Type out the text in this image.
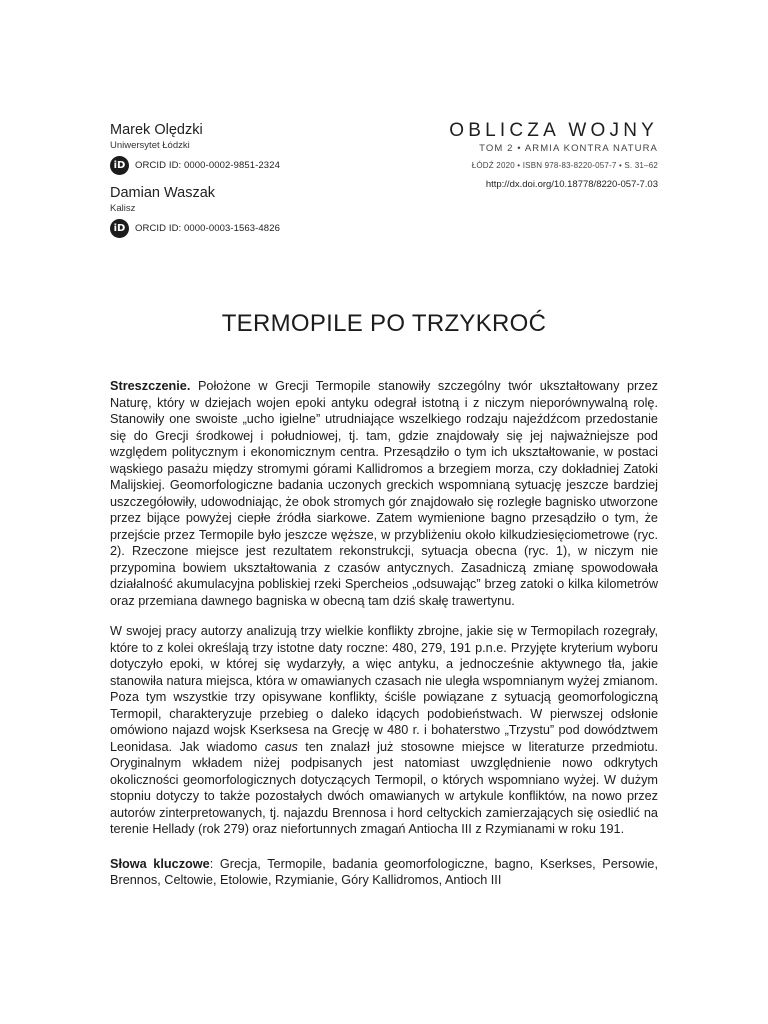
Marek Olędzki
Uniwersytet Łódzki
iD	ORCID ID: 0000-0002-9851-2324
Damian Waszak
Kalisz
iD	ORCID ID: 0000-0003-1563-4826
OBLICZA WOJNY
TOM 2 • ARMIA KONTRA NATURA
ŁÓDŹ 2020 • ISBN 978-83-8220-057-7 • S. 31–62
http://dx.doi.org/10.18778/8220-057-7.03
TERMOPILE PO TRZYKROĆ

Streszczenie. Położone w Grecji Termopile stanowiły szczególny twór ukształtowany przez Naturę, który w dziejach wojen epoki antyku odegrał istotną i z niczym nieporównywalną rolę. Stanowiły one swoiste „ucho igielne” utrudniające wszelkiego rodzaju najeźdźcom przedostanie się do Grecji środkowej i południowej, tj. tam, gdzie znajdowały się jej najważniejsze pod względem politycznym i ekonomicznym centra. Przesądziło o tym ich ukształtowanie, w postaci wąskiego pasażu między stromymi górami Kallidromos a brzegiem morza, czy dokładniej Zatoki Malijskiej. Geomorfologiczne badania uczonych greckich wspomnianą sytuację jeszcze bardziej uszczegółowiły, udowodniając, że obok stromych gór znajdowało się rozległe bagnisko utworzone przez bijące powyżej ciepłe źródła siarkowe. Zatem wymienione bagno przesądziło o tym, że przejście przez Termopile było jeszcze węższe, w przybliżeniu około kilkudziesięciometrowe (ryc. 2). Rzeczone miejsce jest rezultatem rekonstrukcji, sytuacja obecna (ryc. 1), w niczym nie przypomina bowiem ukształtowania z czasów antycznych. Zasadniczą zmianę spowodowała działalność akumulacyjna pobliskiej rzeki Spercheios „odsuwając” brzeg zatoki o kilka kilometrów oraz przemiana dawnego bagniska w obecną tam dziś skałę trawertynu.

W swojej pracy autorzy analizują trzy wielkie konflikty zbrojne, jakie się w Termopilach rozegrały, które to z kolei określają trzy istotne daty roczne: 480, 279, 191 p.n.e. Przyjęte kryterium wyboru dotyczyło epoki, w której się wydarzyły, a więc antyku, a jednocześnie aktywnego tła, jakie stanowiła natura miejsca, która w omawianych czasach nie uległa wspomnianym wyżej zmianom. Poza tym wszystkie trzy opisywane konflikty, ściśle powiązane z sytuacją geomorfologiczną Termopil, charakteryzuje przebieg o daleko idących podobieństwach. W pierwszej odsłonie omówiono najazd wojsk Kserksesa na Grecję w 480 r. i bohaterstwo „Trzystu” pod dowództwem Leonidasa. Jak wiadomo casus ten znalazł już stosowne miejsce w literaturze przedmiotu. Oryginalnym wkładem niżej podpisanych jest natomiast uwzględnienie nowo odkrytych okoliczności geomorfologicznych dotyczących Termopil, o których wspomniano wyżej. W dużym stopniu dotyczy to także pozostałych dwóch omawianych w artykule konfliktów, na nowo przez autorów zinterpretowanych, tj. najazdu Brennosa i hord celtyckich zamierzających się osiedlić na terenie Hellady (rok 279) oraz niefortunnych zmagań Antiocha III z Rzymianami w roku 191.

Słowa kluczowe: Grecja, Termopile, badania geomorfologiczne, bagno, Kserkses, Persowie, Brennos, Celtowie, Etolowie, Rzymianie, Góry Kallidromos, Antioch III
